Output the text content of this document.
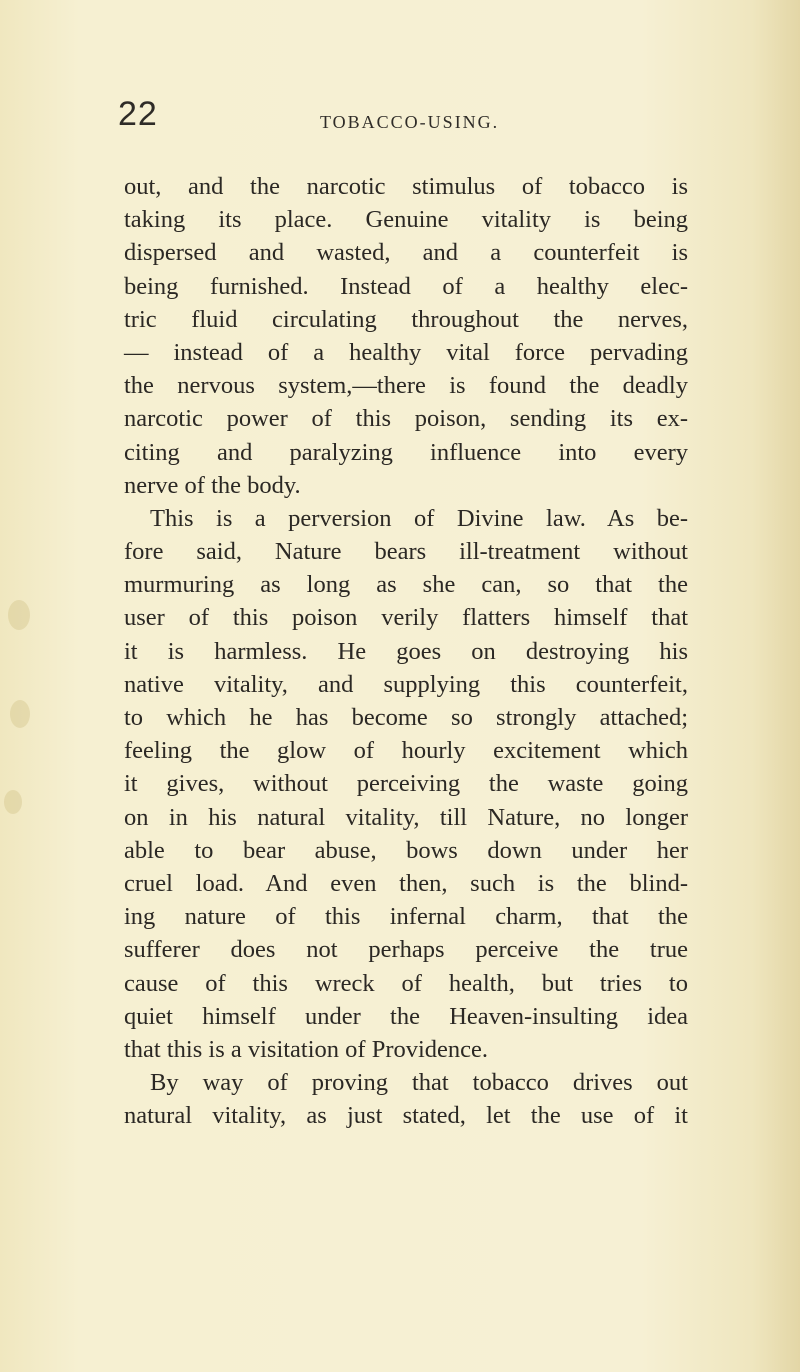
22	TOBACCO-USING.
out, and the narcotic stimulus of tobacco is
taking its place. Genuine vitality is being
dispersed and wasted, and a counterfeit is
being furnished. Instead of a healthy elec-
tric fluid circulating throughout the nerves,
— instead of a healthy vital force pervading
the nervous system,—there is found the deadly
narcotic power of this poison, sending its ex-
citing and paralyzing influence into every
nerve of the body.
This is a perversion of Divine law. As be-
fore said, Nature bears ill-treatment without
murmuring as long as she can, so that the
user of this poison verily flatters himself that
it is harmless. He goes on destroying his
native vitality, and supplying this counterfeit,
to which he has become so strongly attached;
feeling the glow of hourly excitement which
it gives, without perceiving the waste going
on in his natural vitality, till Nature, no longer
able to bear abuse, bows down under her
cruel load. And even then, such is the blind-
ing nature of this infernal charm, that the
sufferer does not perhaps perceive the true
cause of this wreck of health, but tries to
quiet himself under the Heaven-insulting idea
that this is a visitation of Providence.
By way of proving that tobacco drives out
natural vitality, as just stated, let the use of it
